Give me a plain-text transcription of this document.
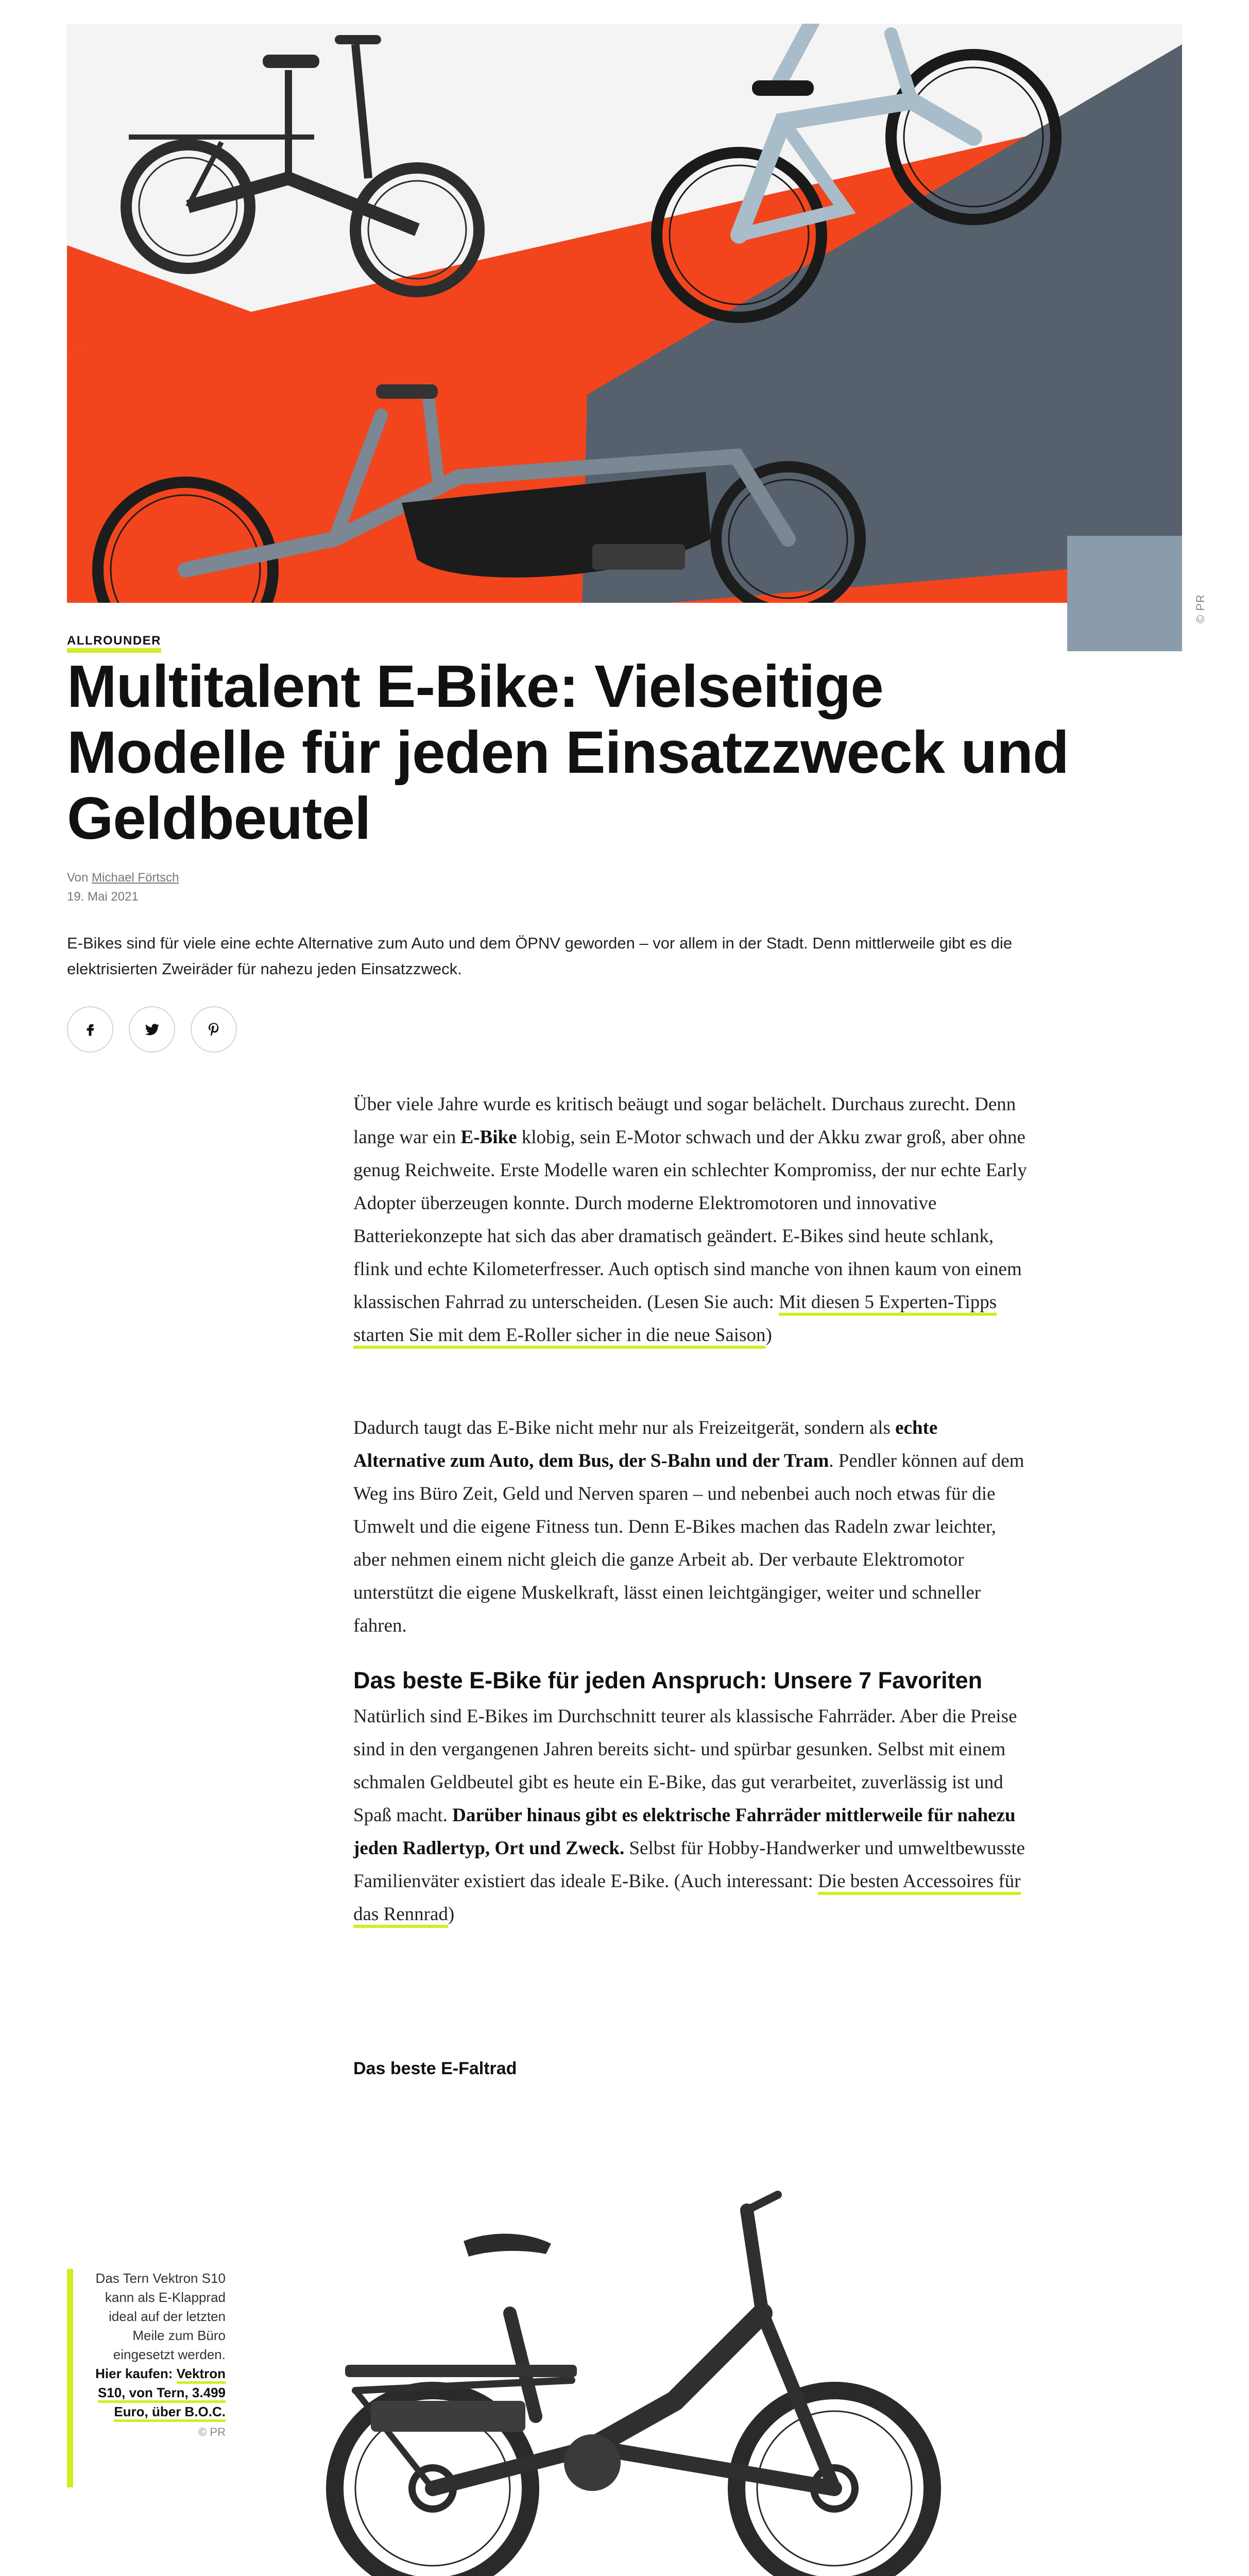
© PR
ALLROUNDER
Multitalent E-Bike: Vielseitige Modelle für jeden Einsatzzweck und Geldbeutel
Von Michael Förtsch
19. Mai 2021
E-Bikes sind für viele eine echte Alternative zum Auto und dem ÖPNV geworden – vor allem in der Stadt. Denn mittlerweile gibt es die elektrisierten Zweiräder für nahezu jeden Einsatzzweck.

Über viele Jahre wurde es kritisch beäugt und sogar belächelt. Durchaus zurecht. Denn lange war ein E-Bike klobig, sein E-Motor schwach und der Akku zwar groß, aber ohne genug Reichweite. Erste Modelle waren ein schlechter Kompromiss, der nur echte Early Adopter überzeugen konnte. Durch moderne Elektromotoren und innovative Batteriekonzepte hat sich das aber dramatisch geändert. E-Bikes sind heute schlank, flink und echte Kilometerfresser. Auch optisch sind manche von ihnen kaum von einem klassischen Fahrrad zu unterscheiden. (Lesen Sie auch: Mit diesen 5 Experten-Tipps starten Sie mit dem E-Roller sicher in die neue Saison)

Dadurch taugt das E-Bike nicht mehr nur als Freizeitgerät, sondern als echte Alternative zum Auto, dem Bus, der S-Bahn und der Tram. Pendler können auf dem Weg ins Büro Zeit, Geld und Nerven sparen – und nebenbei auch noch etwas für die Umwelt und die eigene Fitness tun. Denn E-Bikes machen das Radeln zwar leichter, aber nehmen einem nicht gleich die ganze Arbeit ab. Der verbaute Elektromotor unterstützt die eigene Muskelkraft, lässt einen leichtgängiger, weiter und schneller fahren.

Das beste E-Bike für jeden Anspruch: Unsere 7 Favoriten

Natürlich sind E-Bikes im Durchschnitt teurer als klassische Fahrräder. Aber die Preise sind in den vergangenen Jahren bereits sicht- und spürbar gesunken. Selbst mit einem schmalen Geldbeutel gibt es heute ein E-Bike, das gut verarbeitet, zuverlässig ist und Spaß macht. Darüber hinaus gibt es elektrische Fahrräder mittlerweile für nahezu jeden Radlertyp, Ort und Zweck. Selbst für Hobby-Handwerker und umweltbewusste Familienväter existiert das ideale E-Bike. (Auch interessant: Die besten Accessoires für das Rennrad)

Das beste E-Faltrad
Das Tern Vektron S10 kann als E-Klapprad ideal auf der letzten Meile zum Büro eingesetzt werden. Hier kaufen: Vektron S10, von Tern, 3.499 Euro, über B.O.C.
© PR
